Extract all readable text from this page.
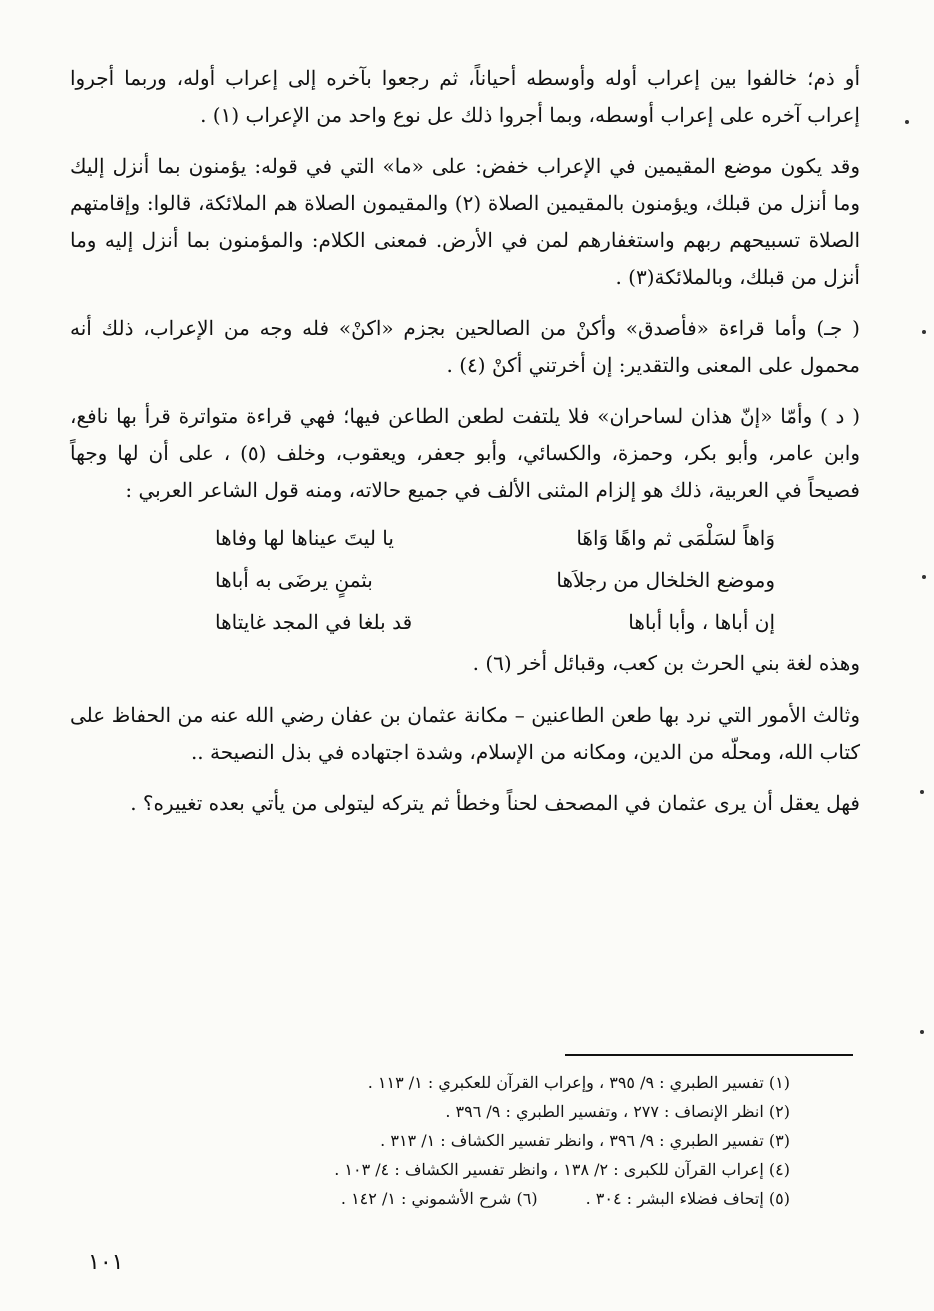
أو ذم؛ خالفوا بين إعراب أوله وأوسطه أحياناً، ثم رجعوا بآخره إلى إعراب أوله، وربما أجروا إعراب آخره على إعراب أوسطه، وبما أجروا ذلك عل نوع واحد من الإعراب (١) .

وقد يكون موضع المقيمين في الإعراب خفض: على «ما» التي في قوله: يؤمنون بما أنزل إليك وما أنزل من قبلك، ويؤمنون بالمقيمين الصلاة (٢) والمقيمون الصلاة هم الملائكة، قالوا: وإقامتهم الصلاة تسبيحهم ربهم واستغفارهم لمن في الأرض. فمعنى الكلام: والمؤمنون بما أنزل إليه وما أنزل من قبلك، وبالملائكة(٣) .

( جـ) وأما قراءة «فأصدق» وأكنْ من الصالحين بجزم «اكنْ» فله وجه من الإعراب، ذلك أنه محمول على المعنى والتقدير: إن أخرتني أكنْ (٤) .

( د ) وأمّا «إنّ هذان لساحران» فلا يلتفت لطعن الطاعن فيها؛ فهي قراءة متواترة قرأ بها نافع، وابن عامر، وأبو بكر، وحمزة، والكسائي، وأبو جعفر، ويعقوب، وخلف (٥) ، على أن لها وجهاً فصيحاً في العربية، ذلك هو إلزام المثنى الألف في جميع حالاته، ومنه قول الشاعر العربي :

وَاهاً لسَلْمَى ثم واهًا وَاهَا
يا ليتَ عيناها لها وفاها
وموضع الخلخال من رجلاَها
بثمنٍ يرضَى به أباها
إن أباها ، وأبا أباها
قد بلغا في المجد غايتاها

وهذه لغة بني الحرث بن كعب، وقبائل أخر (٦) .

وثالث الأمور التي نرد بها طعن الطاعنين – مكانة عثمان بن عفان رضي الله عنه من الحفاظ على كتاب الله، ومحلّه من الدين، ومكانه من الإسلام، وشدة اجتهاده في بذل النصيحة ..

فهل يعقل أن يرى عثمان في المصحف لحناً وخطأ ثم يتركه ليتولى من يأتي بعده تغييره؟ .

(١) تفسير الطبري : ٩/ ٣٩٥ ، وإعراب القرآن للعكبري : ١/ ١١٣ .
(٢) انظر الإنصاف : ٢٧٧ ، وتفسير الطبري : ٩/ ٣٩٦ .
(٣) تفسير الطبري : ٩/ ٣٩٦ ، وانظر تفسير الكشاف : ١/ ٣١٣ .
(٤) إعراب القرآن للكبرى : ٢/ ١٣٨ ، وانظر تفسير الكشاف : ٤/ ١٠٣ .
(٥) إتحاف فضلاء البشر : ٣٠٤ .
(٦) شرح الأشموني : ١/ ١٤٢ .
١٠١
